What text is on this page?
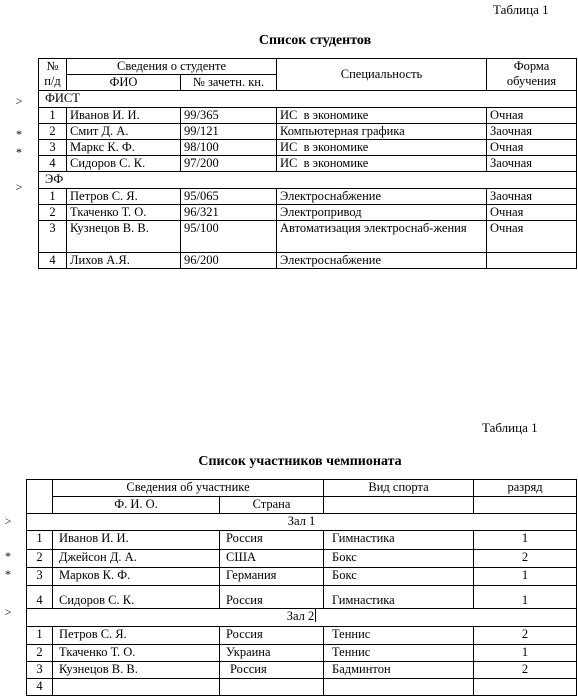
Таблица 1
Список студентов
>
*
*
>
№ п/д	Сведения о студенте		Специальность	Форма обучения
	ФИО	№ зачетн. кн.		
ФИСТ				
1	Иванов И. И.	99/365	ИС  в экономике	Очная
2	Смит Д. А.	99/121	Компьютерная графика	Заочная
3	Маркс К. Ф.	98/100	ИС  в экономике	Очная
4	Сидоров С. К.	97/200	ИС  в экономике	Заочная
ЭФ				
1	Петров С. Я.	95/065	Электроснабжение	Заочная
2	Ткаченко Т. О.	96/321	Электропривод	Очная
3	Кузнецов В. В.	95/100	Автоматизация электроснаб-жения	Очная
4	Лихов А.Я.	96/200	Электроснабжение	
Таблица 1
Список участников чемпионата
>
*
*
>
	Сведения об участнике		Вид спорта	разряд
	Ф. И. О.	Страна		
Зал 1				
1	Иванов И. И.	Россия	Гимнастика	1
2	Джейсон Д. А.	США	Бокс	2
3	Марков К. Ф.	Германия	Бокс	1
4	Сидоров С. К.	Россия	Гимнастика	1
Зал 2				
1	Петров С. Я.	Россия	Теннис	2
2	Ткаченко Т. О.	Украина	Теннис	1
3	Кузнецов В. В.	Россия	Бадминтон	2
4				
